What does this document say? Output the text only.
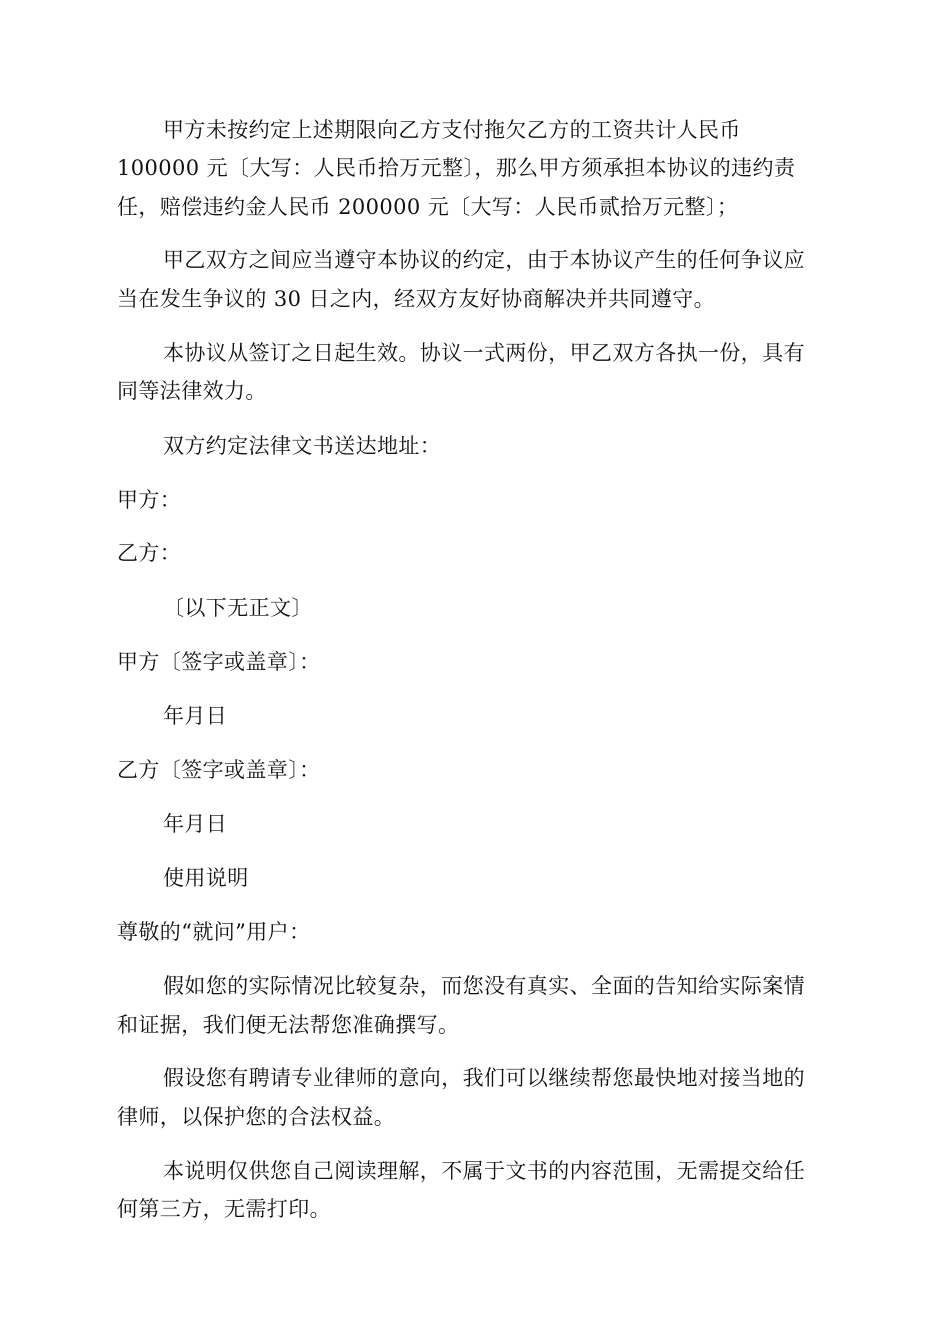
甲方未按约定上述期限向乙方支付拖欠乙方的工资共计人民币
100000 元〔大写：人民币拾万元整〕，那么甲方须承担本协议的违约责
任，赔偿违约金人民币 200000 元〔大写：人民币贰拾万元整〕；
甲乙双方之间应当遵守本协议的约定，由于本协议产生的任何争议应
当在发生争议的 30 日之内，经双方友好协商解决并共同遵守。
本协议从签订之日起生效。协议一式两份，甲乙双方各执一份，具有
同等法律效力。
双方约定法律文书送达地址：
甲方：
乙方：
〔以下无正文〕
甲方〔签字或盖章〕：
年月日
乙方〔签字或盖章〕：
年月日
使用说明
尊敬的“就问”用户：
假如您的实际情况比较复杂，而您没有真实、全面的告知给实际案情
和证据，我们便无法帮您准确撰写。
假设您有聘请专业律师的意向，我们可以继续帮您最快地对接当地的
律师，以保护您的合法权益。
本说明仅供您自己阅读理解，不属于文书的内容范围，无需提交给任
何第三方，无需打印。
